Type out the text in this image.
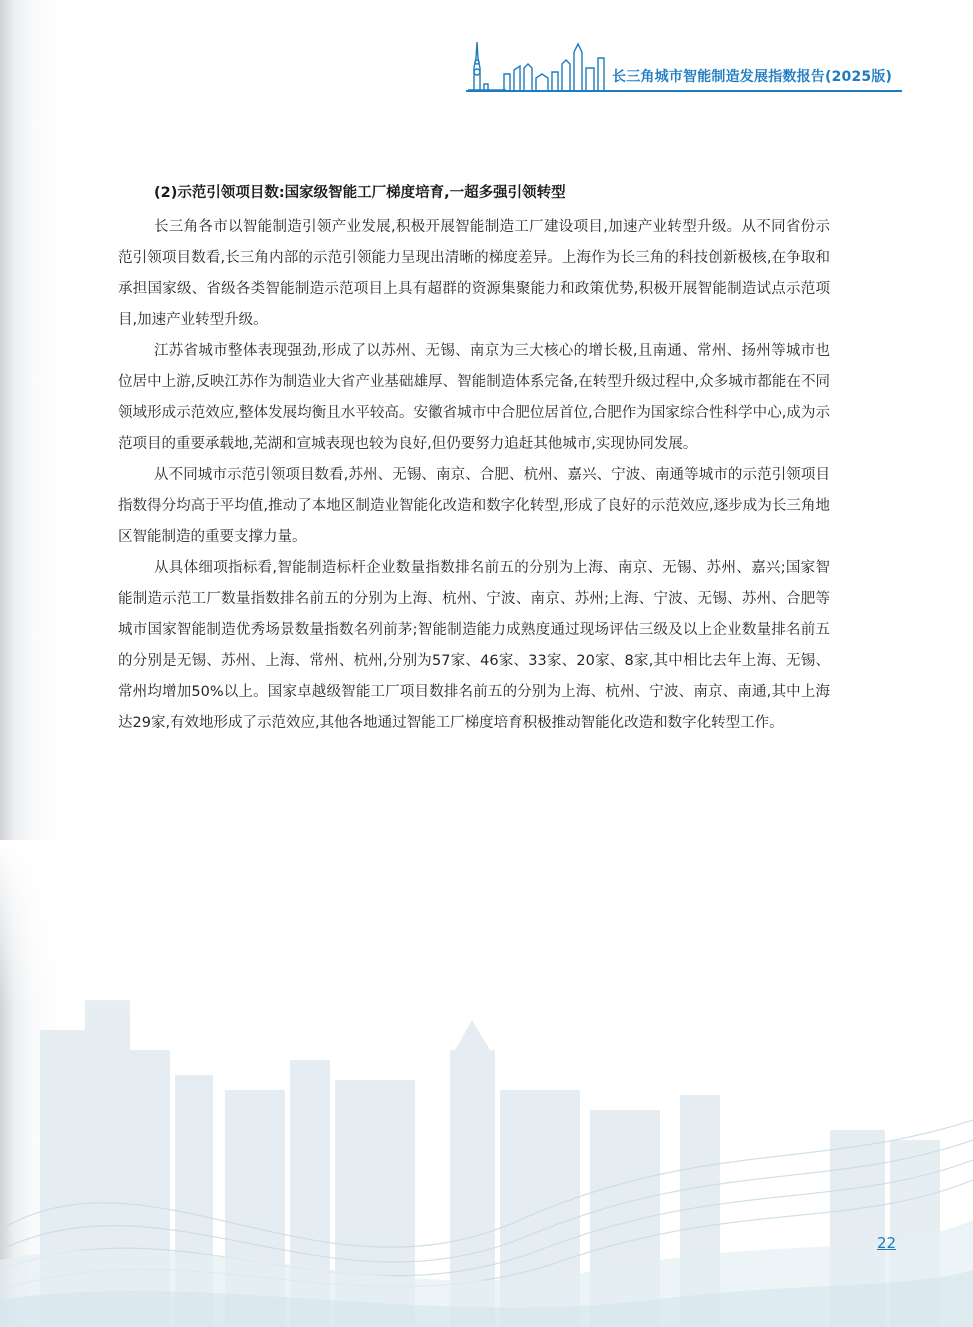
长三角城市智能制造发展指数报告(2025版)
(2)示范引领项目数:国家级智能工厂梯度培育,一超多强引领转型

长三角各市以智能制造引领产业发展,积极开展智能制造工厂建设项目,加速产业转型升级。从不同省份示范引领项目数看,长三角内部的示范引领能力呈现出清晰的梯度差异。上海作为长三角的科技创新极核,在争取和承担国家级、省级各类智能制造示范项目上具有超群的资源集聚能力和政策优势,积极开展智能制造试点示范项目,加速产业转型升级。

江苏省城市整体表现强劲,形成了以苏州、无锡、南京为三大核心的增长极,且南通、常州、扬州等城市也位居中上游,反映江苏作为制造业大省产业基础雄厚、智能制造体系完备,在转型升级过程中,众多城市都能在不同领域形成示范效应,整体发展均衡且水平较高。安徽省城市中合肥位居首位,合肥作为国家综合性科学中心,成为示范项目的重要承载地,芜湖和宣城表现也较为良好,但仍要努力追赶其他城市,实现协同发展。

从不同城市示范引领项目数看,苏州、无锡、南京、合肥、杭州、嘉兴、宁波、南通等城市的示范引领项目指数得分均高于平均值,推动了本地区制造业智能化改造和数字化转型,形成了良好的示范效应,逐步成为长三角地区智能制造的重要支撑力量。

从具体细项指标看,智能制造标杆企业数量指数排名前五的分别为上海、南京、无锡、苏州、嘉兴;国家智能制造示范工厂数量指数排名前五的分别为上海、杭州、宁波、南京、苏州;上海、宁波、无锡、苏州、合肥等城市国家智能制造优秀场景数量指数名列前茅;智能制造能力成熟度通过现场评估三级及以上企业数量排名前五的分别是无锡、苏州、上海、常州、杭州,分别为57家、46家、33家、20家、8家,其中相比去年上海、无锡、常州均增加50%以上。国家卓越级智能工厂项目数排名前五的分别为上海、杭州、宁波、南京、南通,其中上海达29家,有效地形成了示范效应,其他各地通过智能工厂梯度培育积极推动智能化改造和数字化转型工作。

22
